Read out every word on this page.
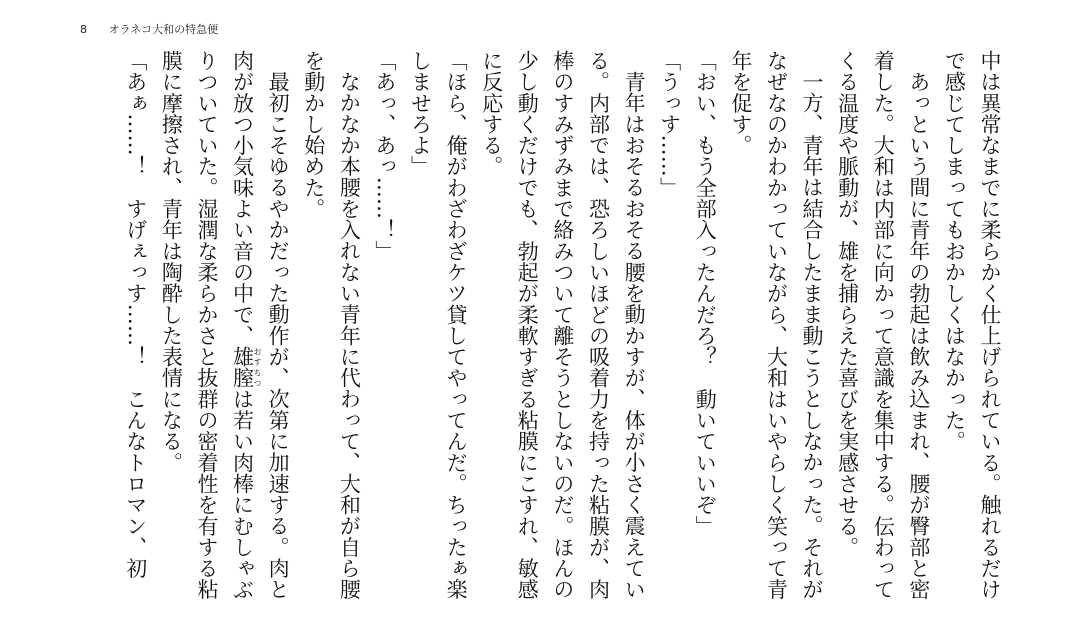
8 オラネコ大和の特急便

中は異常なまでに柔らかく仕上げられている。触れるだけで感じてしまってもおかしくはなかった。

あっという間に青年の勃起は飲み込まれ、腰が臀部と密着した。大和は内部に向かって意識を集中する。伝わってくる温度や脈動が、雄を捕らえた喜びを実感させる。

一方、青年は結合したまま動こうとしなかった。それがなぜなのかわかっていながら、大和はいやらしく笑って青年を促す。

「おい、もう全部入ったんだろ？　動いていいぞ」

「うっす……」

青年はおそるおそる腰を動かすが、体が小さく震えている。内部では、恐ろしいほどの吸着力を持った粘膜が、肉棒のすみずみまで絡みついて離そうとしないのだ。ほんの少し動くだけでも、勃起が柔軟すぎる粘膜にこすれ、敏感に反応する。

「ほら、俺がわざわざケツ貸してやってんだ。ちったぁ楽しませろよ」

「あっ、あっ……！」

なかなか本腰を入れない青年に代わって、大和が自ら腰を動かし始めた。

最初こそゆるやかだった動作が、次第に加速する。肉と肉が放つ小気味よい音の中で、雄膣おすちつは若い肉棒にむしゃぶりついていた。湿潤な柔らかさと抜群の密着性を有する粘膜に摩擦され、青年は陶酔した表情になる。

「あぁ……！　すげぇっす……！　こんなトロマン、初
